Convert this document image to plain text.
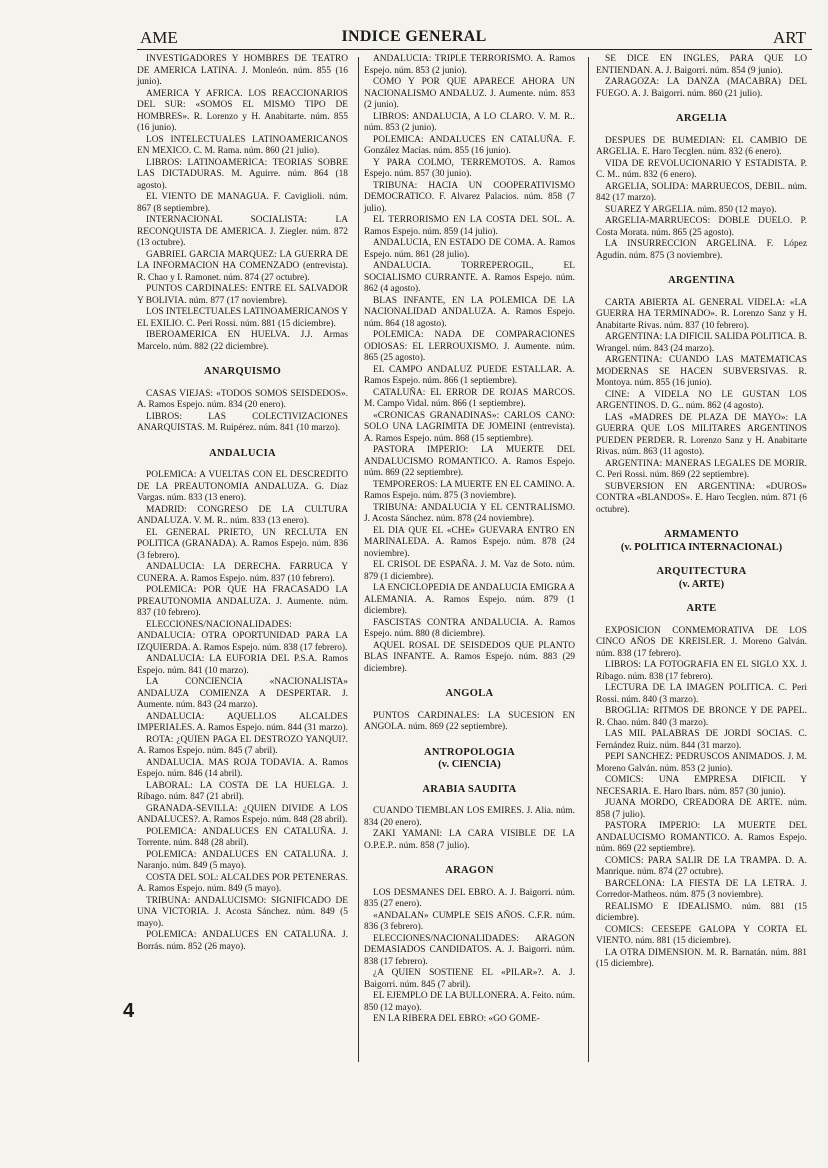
AME	INDICE GENERAL	ART

INVESTIGADORES Y HOMBRES DE TEATRO DE AMERICA LATINA. J. Monleón. núm. 855 (16 junio).

AMERICA Y AFRICA. LOS REACCIONARIOS DEL SUR: «SOMOS EL MISMO TIPO DE HOMBRES». R. Lorenzo y H. Anabitarte. núm. 855 (16 junio).

LOS INTELECTUALES LATINOAMERICANOS EN MEXICO. C. M. Rama. núm. 860 (21 julio).

LIBROS: LATINOAMERICA: TEORIAS SOBRE LAS DICTADURAS. M. Aguirre. núm. 864 (18 agosto).

EL VIENTO DE MANAGUA. F. Caviglioli. núm. 867 (8 septiembre).

INTERNACIONAL SOCIALISTA: LA RECONQUISTA DE AMERICA. J. Ziegler. núm. 872 (13 octubre).

GABRIEL GARCIA MARQUEZ: LA GUERRA DE LA INFORMACION HA COMENZADO (entrevista). R. Chao y I. Ramonet. núm. 874 (27 octubre).

PUNTOS CARDINALES: ENTRE EL SALVADOR Y BOLIVIA. núm. 877 (17 noviembre).

LOS INTELECTUALES LATINOAMERICANOS Y EL EXILIO. C. Peri Rossi. núm. 881 (15 diciembre).

IBEROAMERICA EN HUELVA. J.J. Armas Marcelo. núm. 882 (22 diciembre).

ANARQUISMO

CASAS VIEJAS: «TODOS SOMOS SEISDEDOS». A. Ramos Espejo. núm. 834 (20 enero).

LIBROS: LAS COLECTIVIZACIONES ANARQUISTAS. M. Ruipérez. núm. 841 (10 marzo).

ANDALUCIA

POLEMICA: A VUELTAS CON EL DESCREDITO DE LA PREAUTONOMIA ANDALUZA. G. Díaz Vargas. núm. 833 (13 enero).

MADRID: CONGRESO DE LA CULTURA ANDALUZA. V. M. R.. núm. 833 (13 enero).

EL GENERAL PRIETO, UN RECLUTA EN POLITICA (GRANADA). A. Ramos Espejo. núm. 836 (3 febrero).

ANDALUCIA: LA DERECHA. FARRUCA Y CUNERA. A. Ramos Espejo. núm. 837 (10 febrero).

POLEMICA: POR QUE HA FRACASADO LA PREAUTONOMIA ANDALUZA. J. Aumente. núm. 837 (10 febrero).

ELECCIONES/NACIONALIDADES: ANDALUCIA: OTRA OPORTUNIDAD PARA LA IZQUIERDA. A. Ramos Espejo. núm. 838 (17 febrero).

ANDALUCIA: LA EUFORIA DEL P.S.A. Ramos Espejo. núm. 841 (10 marzo).

LA CONCIENCIA «NACIONALISTA» ANDALUZA COMIENZA A DESPERTAR. J. Aumente. núm. 843 (24 marzo).

ANDALUCIA: AQUELLOS ALCALDES IMPERIALES. A. Ramos Espejo. núm. 844 (31 marzo).

ROTA: ¿QUIEN PAGA EL DESTROZO YANQUI?. A. Ramos Espejo. núm. 845 (7 abril).

ANDALUCIA. MAS ROJA TODAVIA. A. Ramos Espejo. núm. 846 (14 abril).

LABORAL: LA COSTA DE LA HUELGA. J. Ríbago. núm. 847 (21 abril).

GRANADA-SEVILLA: ¿QUIEN DIVIDE A LOS ANDALUCES?. A. Ramos Espejo. núm. 848 (28 abril).

POLEMICA: ANDALUCES EN CATALUÑA. J. Torrente. núm. 848 (28 abril).

POLEMICA: ANDALUCES EN CATALUÑA. J. Naranjo. núm. 849 (5 mayo).

COSTA DEL SOL: ALCALDES POR PETENERAS. A. Ramos Espejo. núm. 849 (5 mayo).

TRIBUNA: ANDALUCISMO: SIGNIFICADO DE UNA VICTORIA. J. Acosta Sánchez. núm. 849 (5 mayo).

POLEMICA: ANDALUCES EN CATALUÑA. J. Borrás. núm. 852 (26 mayo).

ANDALUCIA: TRIPLE TERRORISMO. A. Ramos Espejo. núm. 853 (2 junio).

COMO Y POR QUE APARECE AHORA UN NACIONALISMO ANDALUZ. J. Aumente. núm. 853 (2 junio).

LIBROS: ANDALUCIA, A LO CLARO. V. M. R.. núm. 853 (2 junio).

POLEMICA: ANDALUCES EN CATALUÑA. F. González Macías. núm. 855 (16 junio).

Y PARA COLMO, TERREMOTOS. A. Ramos Espejo. núm. 857 (30 junio).

TRIBUNA: HACIA UN COOPERATIVISMO DEMOCRATICO. F. Alvarez Palacios. núm. 858 (7 julio).

EL TERRORISMO EN LA COSTA DEL SOL. A. Ramos Espejo. núm. 859 (14 julio).

ANDALUCIA, EN ESTADO DE COMA. A. Ramos Espejo. núm. 861 (28 julio).

ANDALUCIA. TORREPEROGIL, EL SOCIALISMO CURRANTE. A. Ramos Espejo. núm. 862 (4 agosto).

BLAS INFANTE, EN LA POLEMICA DE LA NACIONALIDAD ANDALUZA. A. Ramos Espejo. núm. 864 (18 agosto).

POLEMICA: NADA DE COMPARACIONES ODIOSAS: EL LERROUXISMO. J. Aumente. núm. 865 (25 agosto).

EL CAMPO ANDALUZ PUEDE ESTALLAR. A. Ramos Espejo. núm. 866 (1 septiembre).

CATALUÑA: EL ERROR DE ROJAS MARCOS. M. Campo Vidal. núm. 866 (1 septiembre).

«CRONICAS GRANADINAS»: CARLOS CANO: SOLO UNA LAGRIMITA DE JOMEINI (entrevista). A. Ramos Espejo. núm. 868 (15 septiembre).

PASTORA IMPERIO: LA MUERTE DEL ANDALUCISMO ROMANTICO. A. Ramos Espejo. núm. 869 (22 septiembre).

TEMPOREROS: LA MUERTE EN EL CAMINO. A. Ramos Espejo. núm. 875 (3 noviembre).

TRIBUNA: ANDALUCIA Y EL CENTRALISMO. J. Acosta Sánchez. núm. 878 (24 noviembre).

EL DIA QUE EL «CHE» GUEVARA ENTRO EN MARINALEDA. A. Ramos Espejo. núm. 878 (24 noviembre).

EL CRISOL DE ESPAÑA. J. M. Vaz de Soto. núm. 879 (1 diciembre).

LA ENCICLOPEDIA DE ANDALUCIA EMIGRA A ALEMANIA. A. Ramos Espejo. núm. 879 (1 diciembre).

FASCISTAS CONTRA ANDALUCIA. A. Ramos Espejo. núm. 880 (8 diciembre).

AQUEL ROSAL DE SEISDEDOS QUE PLANTO BLAS INFANTE. A. Ramos Espejo. núm. 883 (29 diciembre).

ANGOLA

PUNTOS CARDINALES: LA SUCESION EN ANGOLA. núm. 869 (22 septiembre).

ANTROPOLOGIA
(v. CIENCIA)
ARABIA SAUDITA

CUANDO TIEMBLAN LOS EMIRES. J. Alia. núm. 834 (20 enero).

ZAKI YAMANI: LA CARA VISIBLE DE LA O.P.E.P.. núm. 858 (7 julio).

ARAGON

LOS DESMANES DEL EBRO. A. J. Baigorri. núm. 835 (27 enero).

«ANDALAN» CUMPLE SEIS AÑOS. C.F.R. núm. 836 (3 febrero).

ELECCIONES/NACIONALIDADES: ARAGON DEMASIADOS CANDIDATOS. A. J. Baigorri. núm. 838 (17 febrero).

¿A QUIEN SOSTIENE EL «PILAR»?. A. J. Baigorri. núm. 845 (7 abril).

EL EJEMPLO DE LA BULLONERA. A. Feito. núm. 850 (12 mayo).

EN LA RIBERA DEL EBRO: «GO GOME-

SE DICE EN INGLES, PARA QUE LO ENTIENDAN. A. J. Baigorri. núm. 854 (9 junio).

ZARAGOZA: LA DANZA (MACABRA) DEL FUEGO. A. J. Baigorri. núm. 860 (21 julio).

ARGELIA

DESPUES DE BUMEDIAN: EL CAMBIO DE ARGELIA. E. Haro Tecglen. núm. 832 (6 enero).

VIDA DE REVOLUCIONARIO Y ESTADISTA. P. C. M.. núm. 832 (6 enero).

ARGELIA, SOLIDA: MARRUECOS, DEBIL. núm. 842 (17 marzo).

SUAREZ Y ARGELIA. núm. 850 (12 mayo).

ARGELIA-MARRUECOS: DOBLE DUELO. P. Costa Morata. núm. 865 (25 agosto).

LA INSURRECCION ARGELINA. F. López Agudín. núm. 875 (3 noviembre).

ARGENTINA

CARTA ABIERTA AL GENERAL VIDELA: «LA GUERRA HA TERMINADO». R. Lorenzo Sanz y H. Anabitarte Rivas. núm. 837 (10 febrero).

ARGENTINA: LA DIFICIL SALIDA POLITICA. B. Wrangel. núm. 843 (24 marzo).

ARGENTINA: CUANDO LAS MATEMATICAS MODERNAS SE HACEN SUBVERSIVAS. R. Montoya. núm. 855 (16 junio).

CINE: A VIDELA NO LE GUSTAN LOS ARGENTINOS. D. G.. núm. 862 (4 agosto).

LAS «MADRES DE PLAZA DE MAYO»: LA GUERRA QUE LOS MILITARES ARGENTINOS PUEDEN PERDER. R. Lorenzo Sanz y H. Anabitarte Rivas. núm. 863 (11 agosto).

ARGENTINA: MANERAS LEGALES DE MORIR. C. Peri Rossi. núm. 869 (22 septiembre).

SUBVERSION EN ARGENTINA: «DUROS» CONTRA «BLANDOS». E. Haro Tecglen. núm. 871 (6 octubre).

ARMAMENTO
(v. POLITICA INTERNACIONAL)
ARQUITECTURA
(v. ARTE)
ARTE

EXPOSICION CONMEMORATIVA DE LOS CINCO AÑOS DE KREISLER. J. Moreno Galván. núm. 838 (17 febrero).

LIBROS: LA FOTOGRAFIA EN EL SIGLO XX. J. Ríbago. núm. 838 (17 febrero).

LECTURA DE LA IMAGEN POLITICA. C. Peri Rossi. núm. 840 (3 marzo).

BROGLIA: RITMOS DE BRONCE Y DE PAPEL. R. Chao. núm. 840 (3 marzo).

LAS MIL PALABRAS DE JORDI SOCIAS. C. Fernández Ruiz. núm. 844 (31 marzo).

PEPI SANCHEZ: PEDRUSCOS ANIMADOS. J. M. Moreno Galván. núm. 853 (2 junio).

COMICS: UNA EMPRESA DIFICIL Y NECESARIA. E. Haro Ibars. núm. 857 (30 junio).

JUANA MORDO, CREADORA DE ARTE. núm. 858 (7 julio).

PASTORA IMPERIO: LA MUERTE DEL ANDALUCISMO ROMANTICO. A. Ramos Espejo. núm. 869 (22 septiembre).

COMICS: PARA SALIR DE LA TRAMPA. D. A. Manrique. núm. 874 (27 octubre).

BARCELONA: LA FIESTA DE LA LETRA. J. Corredor-Matheos. núm. 875 (3 noviembre).

REALISMO E IDEALISMO. núm. 881 (15 diciembre).

COMICS: CEESEPE GALOPA Y CORTA EL VIENTO. núm. 881 (15 diciembre).

LA OTRA DIMENSION. M. R. Barnatán. núm. 881 (15 diciembre).

4
